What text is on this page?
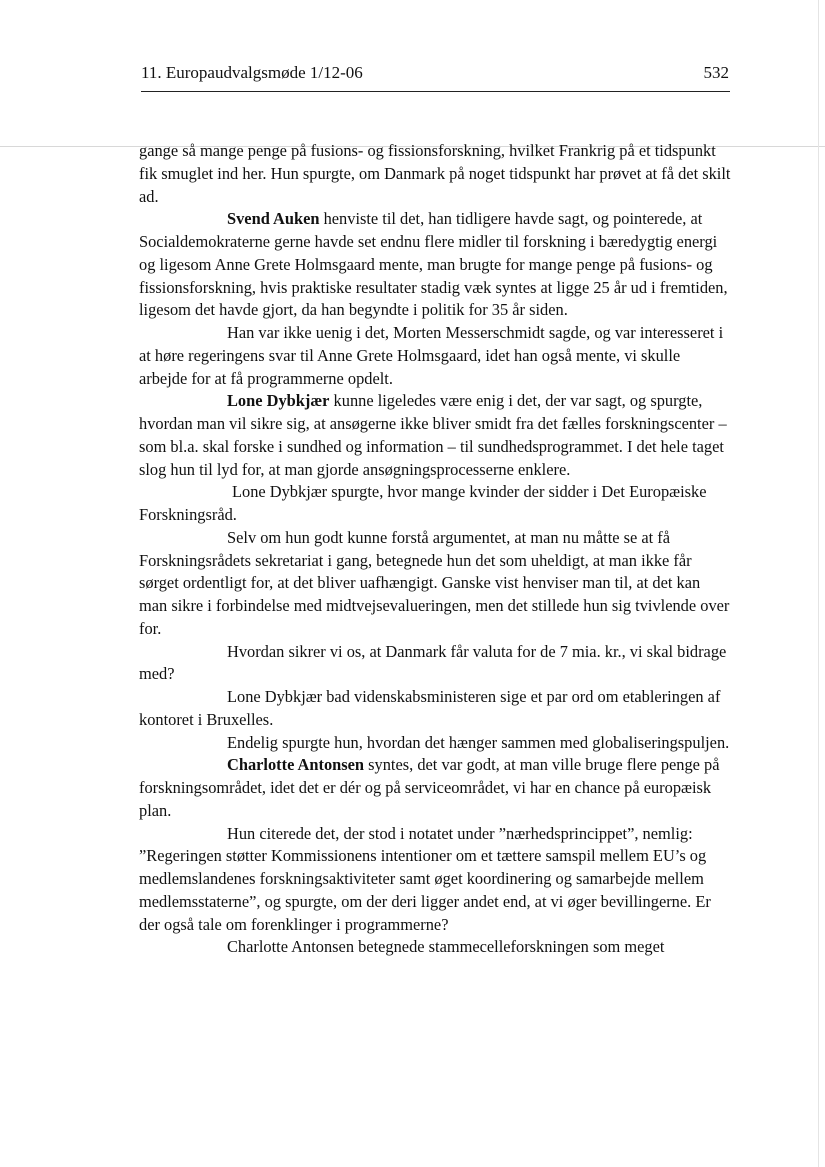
11. Europaudvalgsmøde 1/12-06	532

gange så mange penge på fusions- og fissionsforskning, hvilket Frankrig på et tidspunkt fik smuglet ind her. Hun spurgte, om Danmark på noget tidspunkt har prøvet at få det skilt ad.

Svend Auken henviste til det, han tidligere havde sagt, og pointerede, at Socialdemokraterne gerne havde set endnu flere midler til forskning i bæredygtig energi og ligesom Anne Grete Holmsgaard mente, man brugte for mange penge på fusions- og fissionsforskning, hvis praktiske resultater stadig væk syntes at ligge 25 år ud i fremtiden, ligesom det havde gjort, da han begyndte i politik for 35 år siden.

Han var ikke uenig i det, Morten Messerschmidt sagde, og var interesseret i at høre regeringens svar til Anne Grete Holmsgaard, idet han også mente, vi skulle arbejde for at få programmerne opdelt.

Lone Dybkjær kunne ligeledes være enig i det, der var sagt, og spurgte, hvordan man vil sikre sig, at ansøgerne ikke bliver smidt fra det fælles forskningscenter – som bl.a. skal forske i sundhed og information – til sundhedsprogrammet. I det hele taget slog hun til lyd for, at man gjorde ansøgningsprocesserne enklere.

Lone Dybkjær spurgte, hvor mange kvinder der sidder i Det Europæiske Forskningsråd.

Selv om hun godt kunne forstå argumentet, at man nu måtte se at få Forskningsrådets sekretariat i gang, betegnede hun det som uheldigt, at man ikke får sørget ordentligt for, at det bliver uafhængigt. Ganske vist henviser man til, at det kan man sikre i forbindelse med midtvejsevalueringen, men det stillede hun sig tvivlende over for.

Hvordan sikrer vi os, at Danmark får valuta for de 7 mia. kr., vi skal bidrage med?

Lone Dybkjær bad videnskabsministeren sige et par ord om etableringen af kontoret i Bruxelles.

Endelig spurgte hun, hvordan det hænger sammen med globaliseringspuljen.

Charlotte Antonsen syntes, det var godt, at man ville bruge flere penge på forskningsområdet, idet det er dér og på serviceområdet, vi har en chance på europæisk plan.

Hun citerede det, der stod i notatet under ”nærhedsprincippet”, nemlig: ”Regeringen støtter Kommissionens intentioner om et tættere samspil mellem EU’s og medlemslandenes forskningsaktiviteter samt øget koordinering og samarbejde mellem medlemsstaterne”, og spurgte, om der deri ligger andet end, at vi øger bevillingerne. Er der også tale om forenklinger i programmerne?

Charlotte Antonsen betegnede stammecelleforskningen som meget
